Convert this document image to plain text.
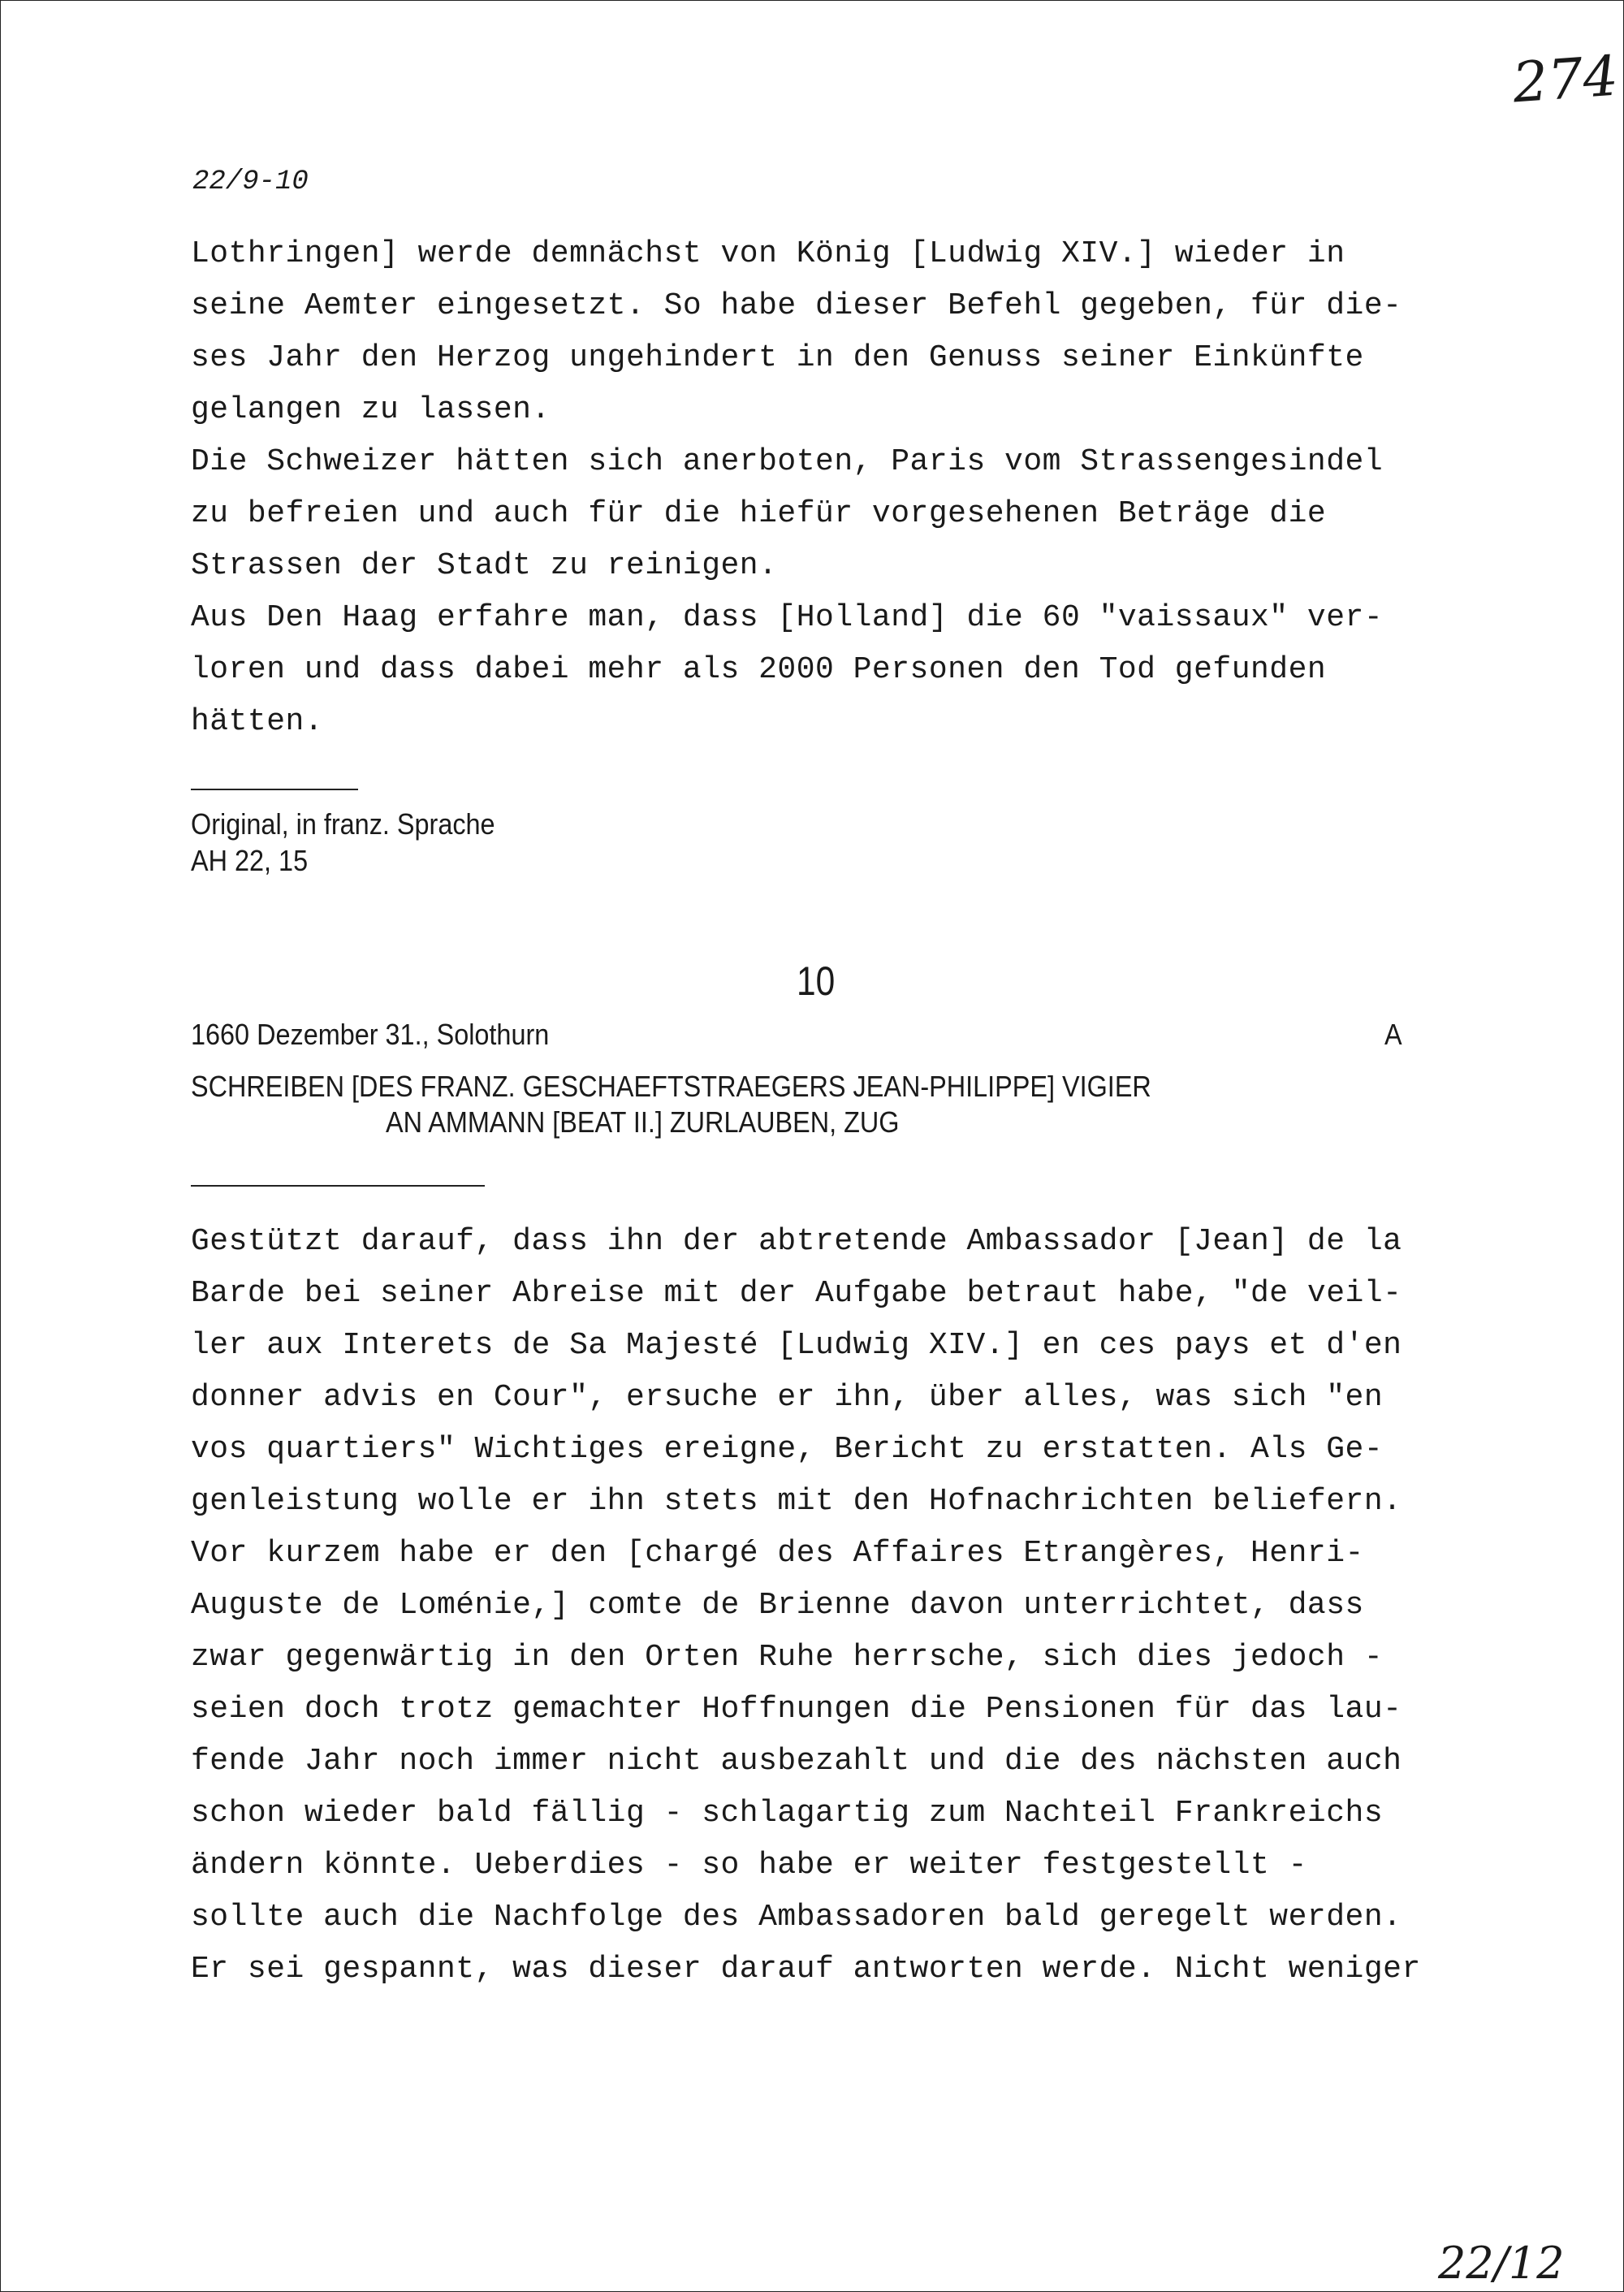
274
22/9-10
Lothringen] werde demnächst von König [Ludwig XIV.] wieder in
seine Aemter eingesetzt. So habe dieser Befehl gegeben, für die-
ses Jahr den Herzog ungehindert in den Genuss seiner Einkünfte
gelangen zu lassen.
Die Schweizer hätten sich anerboten, Paris vom Strassengesindel
zu befreien und auch für die hiefür vorgesehenen Beträge die
Strassen der Stadt zu reinigen.
Aus Den Haag erfahre man, dass [Holland] die 60 "vaissaux" ver-
loren und dass dabei mehr als 2000 Personen den Tod gefunden
hätten.
Original, in franz. Sprache
AH 22, 15
10
1660 Dezember 31., Solothurn	A
SCHREIBEN [DES FRANZ. GESCHAEFTSTRAEGERS JEAN-PHILIPPE] VIGIER
AN AMMANN [BEAT II.] ZURLAUBEN, ZUG
Gestützt darauf, dass ihn der abtretende Ambassador [Jean] de la
Barde bei seiner Abreise mit der Aufgabe betraut habe, "de veil-
ler aux Interets de Sa Majesté [Ludwig XIV.] en ces pays et d'en
donner advis en Cour", ersuche er ihn, über alles, was sich "en
vos quartiers" Wichtiges ereigne, Bericht zu erstatten. Als Ge-
genleistung wolle er ihn stets mit den Hofnachrichten beliefern.
Vor kurzem habe er den [chargé des Affaires Etrangères, Henri-
Auguste de Loménie,] comte de Brienne davon unterrichtet, dass
zwar gegenwärtig in den Orten Ruhe herrsche, sich dies jedoch -
seien doch trotz gemachter Hoffnungen die Pensionen für das lau-
fende Jahr noch immer nicht ausbezahlt und die des nächsten auch
schon wieder bald fällig - schlagartig zum Nachteil Frankreichs
ändern könnte. Ueberdies - so habe er weiter festgestellt -
sollte auch die Nachfolge des Ambassadoren bald geregelt werden.
Er sei gespannt, was dieser darauf antworten werde. Nicht weniger
22/12
